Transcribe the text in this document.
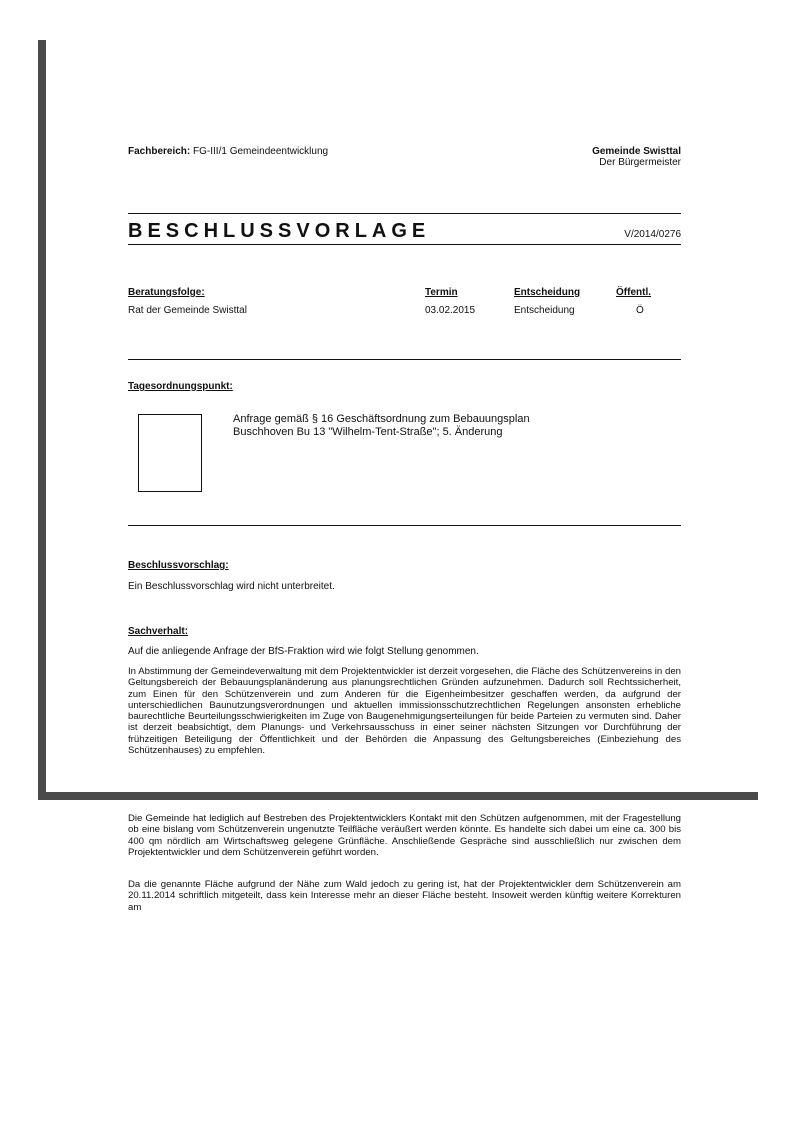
Fachbereich: FG-III/1 Gemeindeentwicklung	Gemeinde Swisttal
Der Bürgermeister
BESCHLUSSVORLAGE	V/2014/0276
Beratungsfolge:	Termin	Entscheidung	Öffentl.
Rat der Gemeinde Swisttal	03.02.2015	Entscheidung	Ö
Tagesordnungspunkt:
Anfrage gemäß § 16 Geschäftsordnung zum Bebauungsplan
Buschhoven Bu 13 "Wilhelm-Tent-Straße"; 5. Änderung
Beschlussvorschlag:
Ein Beschlussvorschlag wird nicht unterbreitet.
Sachverhalt:
Auf die anliegende Anfrage der BfS-Fraktion wird wie folgt Stellung genommen.

In Abstimmung der Gemeindeverwaltung mit dem Projektentwickler ist derzeit vorgesehen, die Fläche des Schützenvereins in den Geltungsbereich der Bebauungsplanänderung aus planungsrechtlichen Gründen aufzunehmen. Dadurch soll Rechtssicherheit, zum Einen für den Schützenverein und zum Anderen für die Eigenheimbesitzer geschaffen werden, da aufgrund der unterschiedlichen Baunutzungsverordnungen und aktuellen immissionsschutzrechtlichen Regelungen ansonsten erhebliche baurechtliche Beurteilungsschwierigkeiten im Zuge von Baugenehmigungserteilungen für beide Parteien zu vermuten sind. Daher ist derzeit beabsichtigt, dem Planungs- und Verkehrsausschuss in einer seiner nächsten Sitzungen vor Durchführung der frühzeitigen Beteiligung der Öffentlichkeit und der Behörden die Anpassung des Geltungsbereiches (Einbeziehung des Schützenhauses) zu empfehlen.

Die Gemeinde hat lediglich auf Bestreben des Projektentwicklers Kontakt mit den Schützen aufgenommen, mit der Fragestellung ob eine bislang vom Schützenverein ungenutzte Teilfläche veräußert werden könnte. Es handelte sich dabei um eine ca. 300 bis 400 qm nördlich am Wirtschaftsweg gelegene Grünfläche. Anschließende Gespräche sind ausschließlich nur zwischen dem Projektentwickler und dem Schützenverein geführt worden.

Da die genannte Fläche aufgrund der Nähe zum Wald jedoch zu gering ist, hat der Projektentwickler dem Schützenverein am 20.11.2014 schriftlich mitgeteilt, dass kein Interesse mehr an dieser Fläche besteht. Insoweit werden künftig weitere Korrekturen am
